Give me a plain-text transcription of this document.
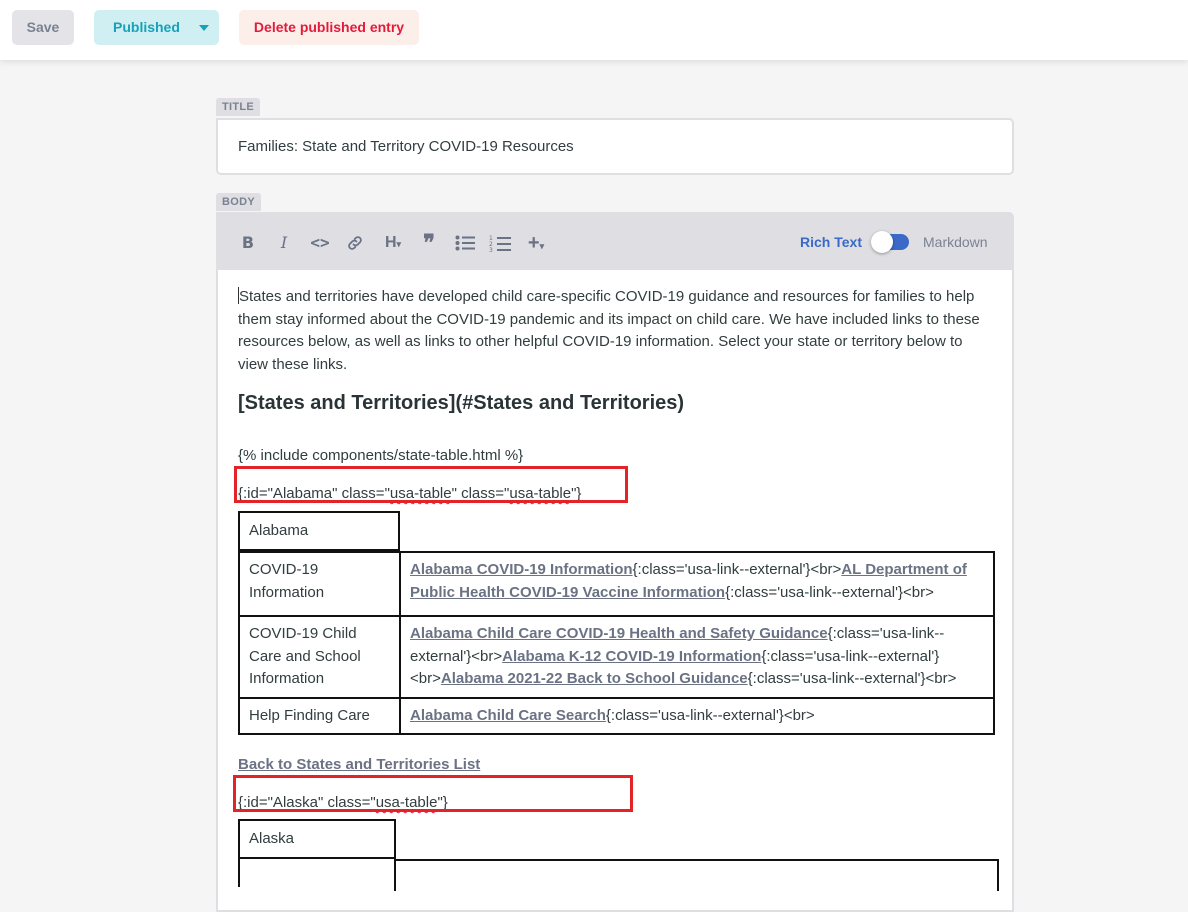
Save	Published	Delete published entry
TITLE
Families: State and Territory COVID-19 Resources
BODY
B	I	<>	H▾ ❞	1
2
3 +▾	Rich Text	Markdown
States and territories have developed child care-specific COVID-19 guidance and resources for families to help them stay informed about the COVID-19 pandemic and its impact on child care. We have included links to these resources below, as well as links to other helpful COVID-19 information. Select your state or territory below to view these links.
[States and Territories](#States and Territories)
{% include components/state-table.html %}
{:id="Alabama" class="usa-table" class="usa-table"}
Alabama
COVID-19 Information	Alabama COVID-19 Information{:class='usa-link--external'}<br>AL Department of Public Health COVID-19 Vaccine Information{:class='usa-link--external'}<br>
COVID-19 Child Care and School Information	Alabama Child Care COVID-19 Health and Safety Guidance{:class='usa-link--external'}<br>Alabama K-12 COVID-19 Information{:class='usa-link--external'}<br>Alabama 2021-22 Back to School Guidance{:class='usa-link--external'}<br>
Help Finding Care	Alabama Child Care Search{:class='usa-link--external'}<br>
Back to States and Territories List
{:id="Alaska" class="usa-table"}
Alaska
